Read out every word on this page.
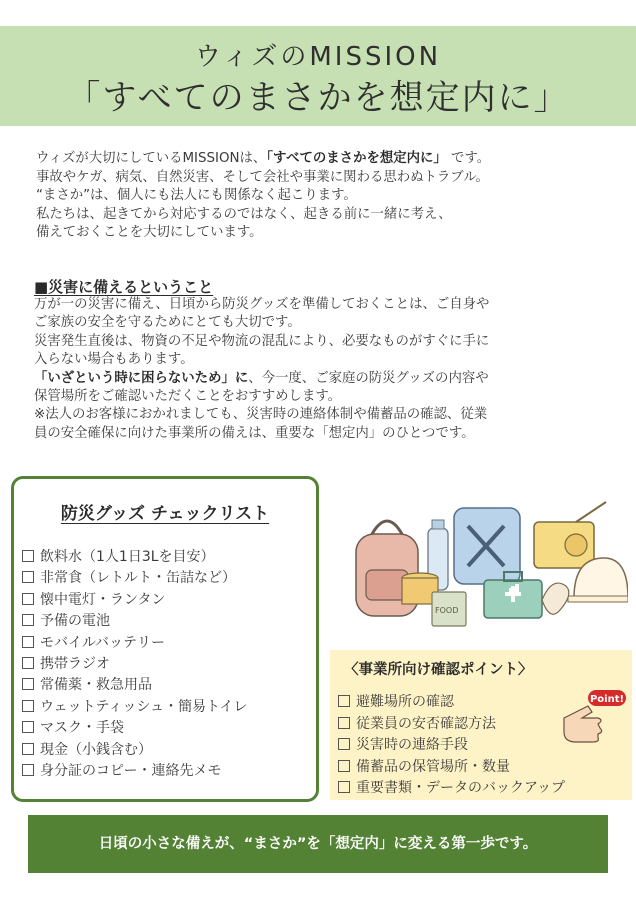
ウィズのMISSION
「すべてのまさかを想定内に」

ウィズが大切にしているMISSIONは、「すべてのまさかを想定内に」 です。

事故やケガ、病気、自然災害、そして会社や事業に関わる思わぬトラブル。

“まさか”は、個人にも法人にも関係なく起こります。

私たちは、起きてから対応するのではなく、起きる前に一緒に考え、

備えておくことを大切にしています。

■災害に備えるということ

万が一の災害に備え、日頃から防災グッズを準備しておくことは、ご自身や

ご家族の安全を守るためにとても大切です。

災害発生直後は、物資の不足や物流の混乱により、必要なものがすぐに手に

入らない場合もあります。

「いざという時に困らないため」に、今一度、ご家庭の防災グッズの内容や

保管場所をご確認いただくことをおすすめします。

※法人のお客様におかれましても、災害時の連絡体制や備蓄品の確認、従業

員の安全確保に向けた事業所の備えは、重要な「想定内」のひとつです。

防災グッズ チェックリスト
飲料水（1人1日3Lを目安）
非常食（レトルト・缶詰など）
懐中電灯・ランタン
予備の電池
モバイルバッテリー
携帯ラジオ
常備薬・救急用品
ウェットティッシュ・簡易トイレ
マスク・手袋
現金（小銭含む）
身分証のコピー・連絡先メモ
FOOD
〈事業所向け確認ポイント〉
避難場所の確認
従業員の安否確認方法
災害時の連絡手段
備蓄品の保管場所・数量
重要書類・データのバックアップ
Point!
日頃の小さな備えが、“まさか”を「想定内」に変える第一歩です。
